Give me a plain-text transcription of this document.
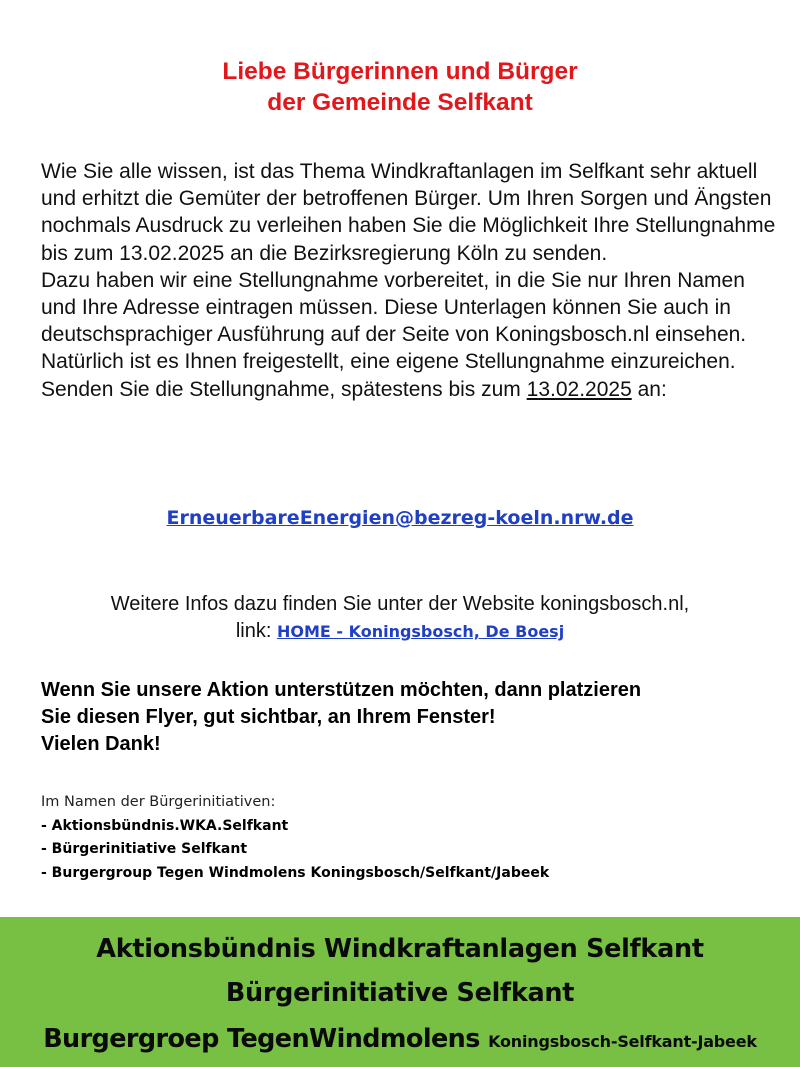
Liebe Bürgerinnen und Bürger
der Gemeinde Selfkant

Wie Sie alle wissen, ist das Thema Windkraftanlagen im Selfkant sehr aktuell und erhitzt die Gemüter der betroffenen Bürger. Um Ihren Sorgen und Ängsten nochmals Ausdruck zu verleihen haben Sie die Möglichkeit Ihre Stellungnahme bis zum 13.02.2025 an die Bezirksregierung Köln zu senden.

Dazu haben wir eine Stellungnahme vorbereitet, in die Sie nur Ihren Namen und Ihre Adresse eintragen müssen. Diese Unterlagen können Sie auch in deutschsprachiger Ausführung auf der Seite von Koningsbosch.nl einsehen.

Natürlich ist es Ihnen freigestellt, eine eigene Stellungnahme einzureichen.

Senden Sie die Stellungnahme, spätestens bis zum 13.02.2025 an:

ErneuerbareEnergien@bezreg-koeln.nrw.de
Weitere Infos dazu finden Sie unter der Website koningsbosch.nl,
link: HOME - Koningsbosch, De Boesj
Wenn Sie unsere Aktion unterstützen möchten, dann platzieren
Sie diesen Flyer, gut sichtbar, an Ihrem Fenster!
Vielen Dank!
Im Namen der Bürgerinitiativen:
- Aktionsbündnis.WKA.Selfkant
- Bürgerinitiative Selfkant
- Burgergroup Tegen Windmolens Koningsbosch/Selfkant/Jabeek
Aktionsbündnis Windkraftanlagen Selfkant
Bürgerinitiative Selfkant
Burgergroep TegenWindmolens Koningsbosch-Selfkant-Jabeek
